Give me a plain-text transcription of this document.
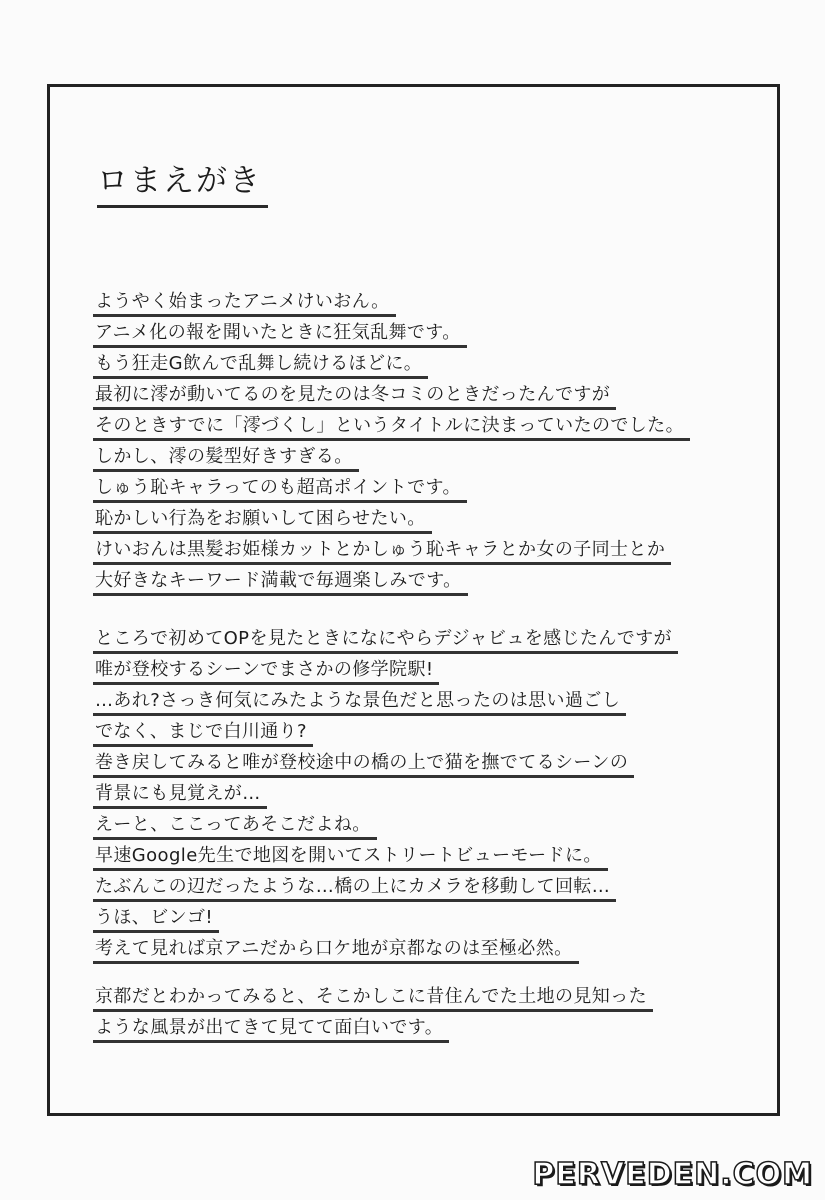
ロまえがき
ようやく始まったアニメけいおん。
アニメ化の報を聞いたときに狂気乱舞です。
もう狂走G飲んで乱舞し続けるほどに。
最初に澪が動いてるのを見たのは冬コミのときだったんですが
そのときすでに「澪づくし」というタイトルに決まっていたのでした。
しかし、澪の髪型好きすぎる。
しゅう恥キャラってのも超高ポイントです。
恥かしい行為をお願いして困らせたい。
けいおんは黒髪お姫様カットとかしゅう恥キャラとか女の子同士とか
大好きなキーワード満載で毎週楽しみです。
ところで初めてOPを見たときになにやらデジャビュを感じたんですが
唯が登校するシーンでまさかの修学院駅!
…あれ?さっき何気にみたような景色だと思ったのは思い過ごし
でなく、まじで白川通り?
巻き戻してみると唯が登校途中の橋の上で猫を撫でてるシーンの
背景にも見覚えが…
えーと、ここってあそこだよね。
早速Google先生で地図を開いてストリートビューモードに。
たぶんこの辺だったような…橋の上にカメラを移動して回転…
うほ、ビンゴ!
考えて見れば京アニだから口ケ地が京都なのは至極必然。
京都だとわかってみると、そこかしこに昔住んでた土地の見知った
ような風景が出てきて見てて面白いです。
PERVEDEN.COM
